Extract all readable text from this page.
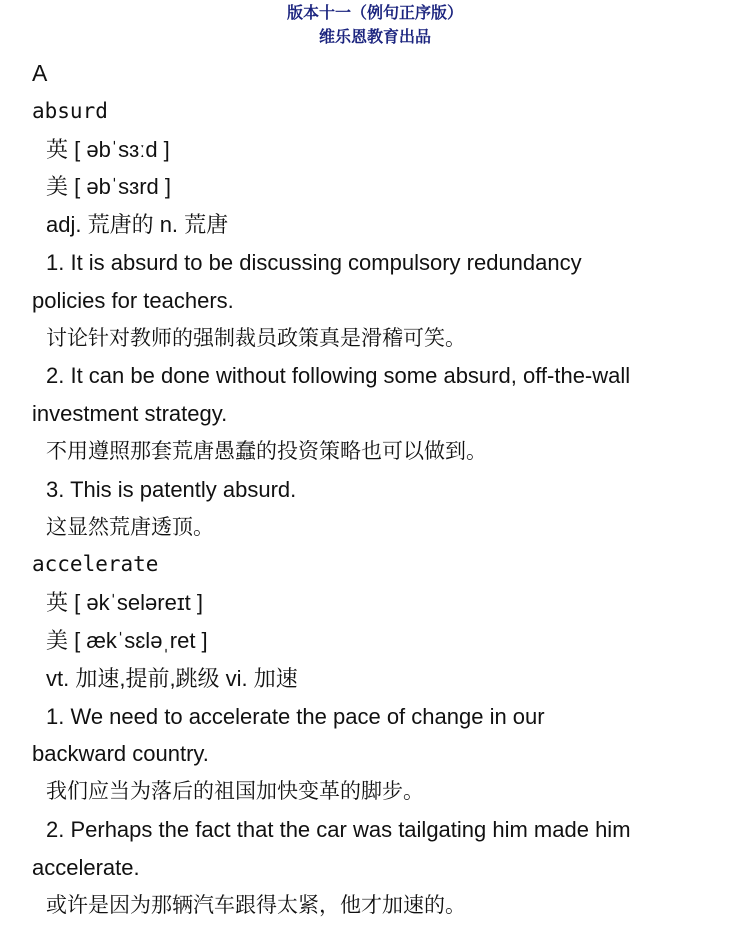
版本十一（例句正序版）
维乐恩教育出品
A
absurd
英 [ əbˈsɜːd ]
美 [ əbˈsɜrd ]
adj. 荒唐的 n. 荒唐
1. It is absurd to be discussing compulsory redundancy
policies for teachers.
讨论针对教师的强制裁员政策真是滑稽可笑。
2. It can be done without following some absurd, off-the-wall
investment strategy.
不用遵照那套荒唐愚蠢的投资策略也可以做到。
3. This is patently absurd.
这显然荒唐透顶。
accelerate
英 [ əkˈseləreɪt ]
美 [ ækˈsɛləˌret ]
vt. 加速,提前,跳级 vi. 加速
1. We need to accelerate the pace of change in our
backward country.
我们应当为落后的祖国加快变革的脚步。
2. Perhaps the fact that the car was tailgating him made him
accelerate.
或许是因为那辆汽车跟得太紧，他才加速的。
